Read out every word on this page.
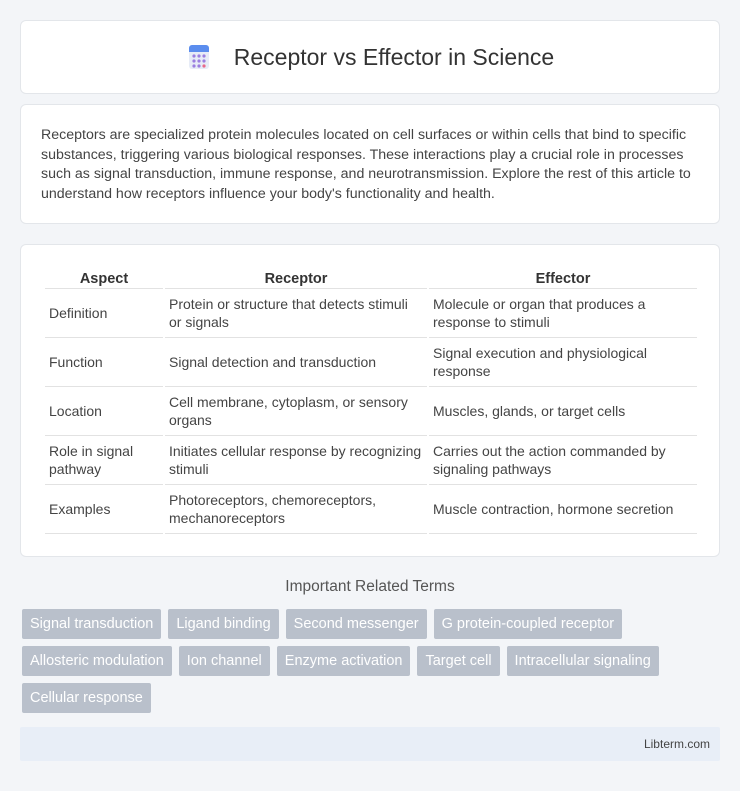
Receptor vs Effector in Science

Receptors are specialized protein molecules located on cell surfaces or within cells that bind to specific substances, triggering various biological responses. These interactions play a crucial role in processes such as signal transduction, immune response, and neurotransmission. Explore the rest of this article to understand how receptors influence your body's functionality and health.

Aspect	Receptor	Effector
Definition	Protein or structure that detects stimuli or signals	Molecule or organ that produces a response to stimuli
Function	Signal detection and transduction	Signal execution and physiological response
Location	Cell membrane, cytoplasm, or sensory organs	Muscles, glands, or target cells
Role in signal pathway	Initiates cellular response by recognizing stimuli	Carries out the action commanded by signaling pathways
Examples	Photoreceptors, chemoreceptors, mechanoreceptors	Muscle contraction, hormone secretion
Important Related Terms
Signal transduction	Ligand binding	Second messenger	G protein-coupled receptor
Allosteric modulation	Ion channel	Enzyme activation	Target cell	Intracellular signaling
Cellular response
Libterm.com
